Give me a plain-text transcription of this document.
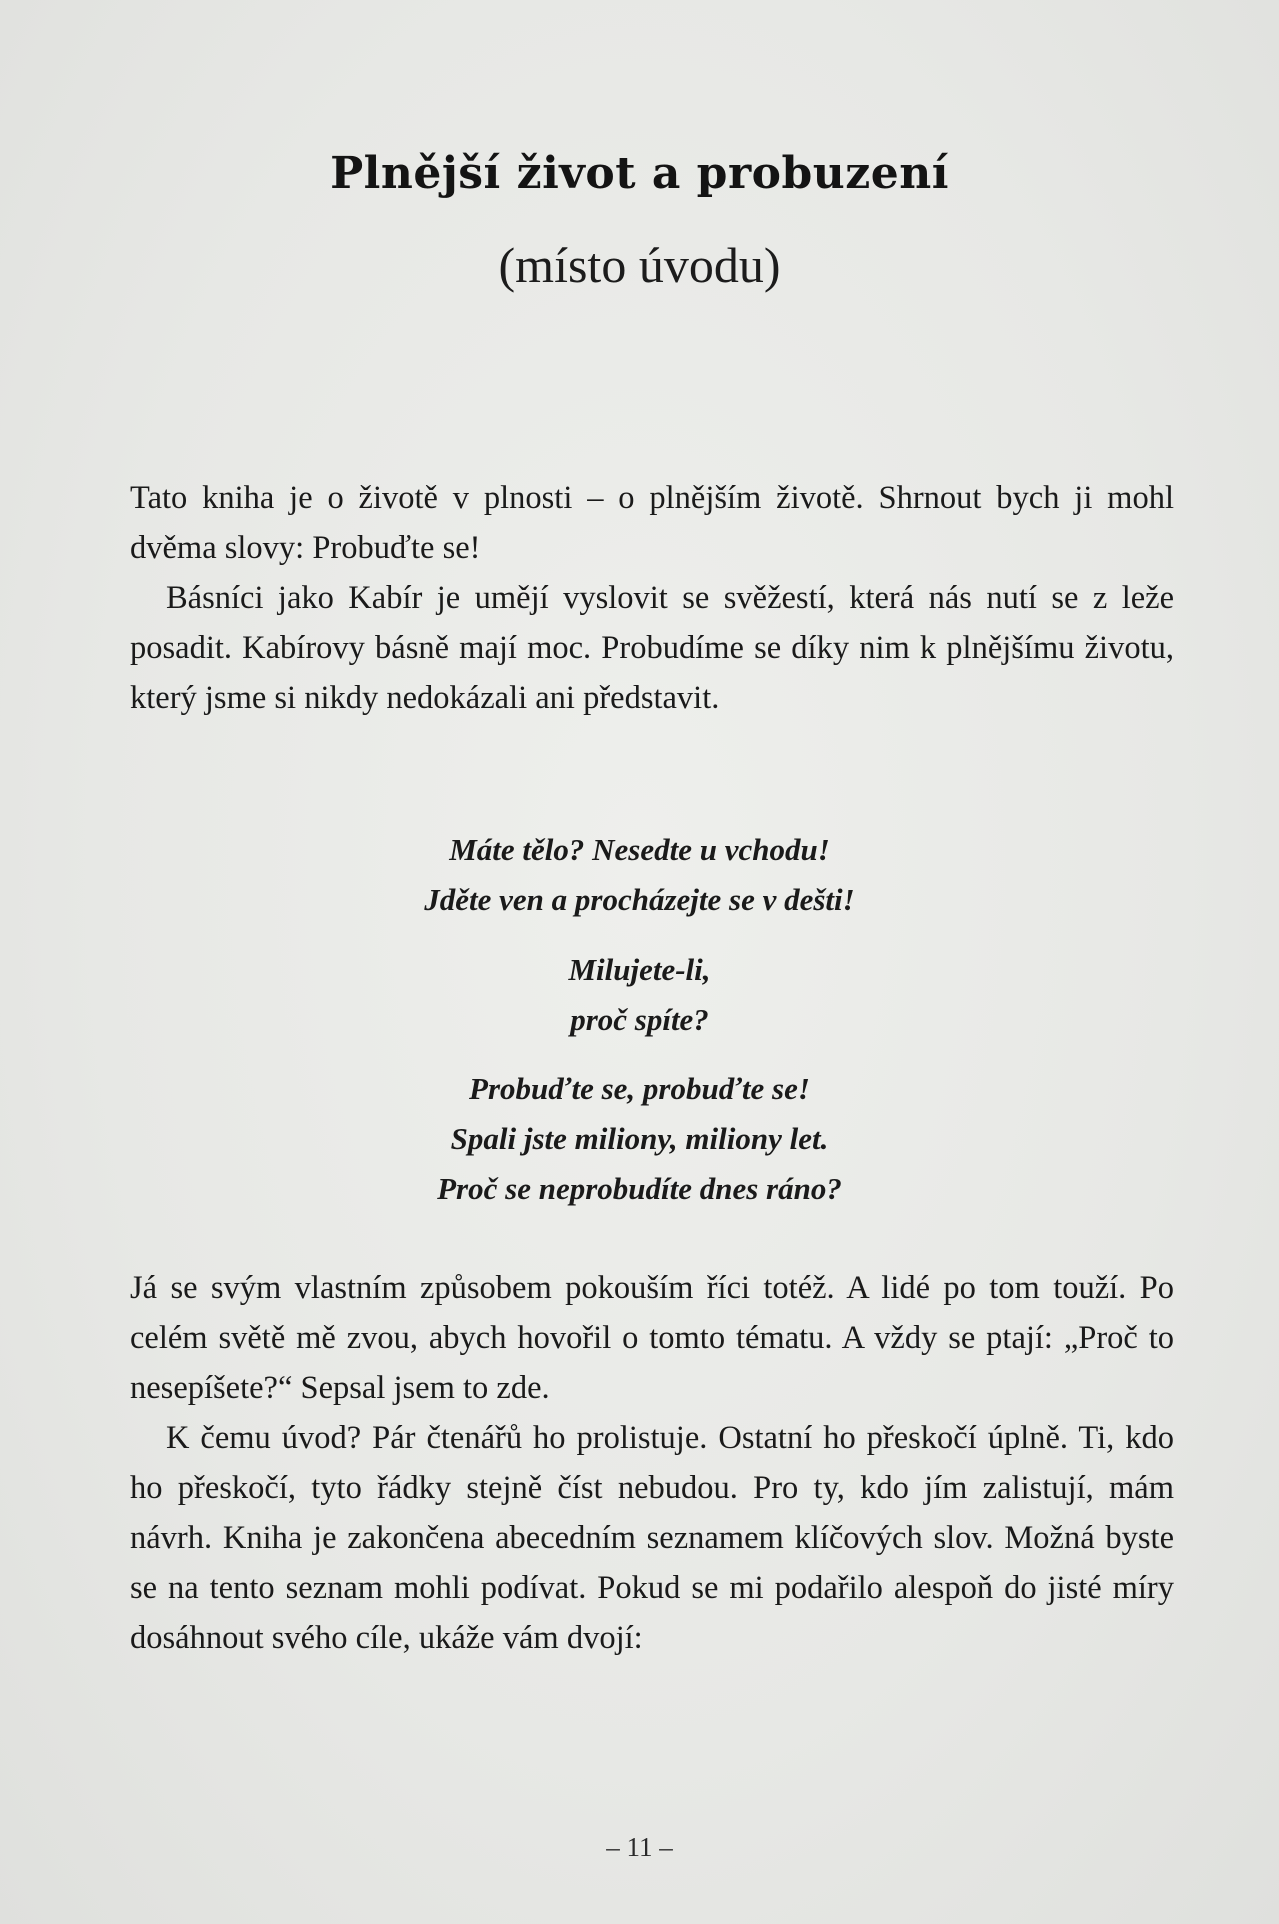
Plnější život a probuzení
(místo úvodu)

Tato kniha je o životě v plnosti – o plnějším životě. Shrnout bych ji mohl dvěma slovy: Probuďte se!

Básníci jako Kabír je umějí vyslovit se svěžestí, která nás nutí se z leže posadit. Kabírovy básně mají moc. Probudíme se díky nim k plnějšímu životu, který jsme si nikdy nedokázali ani představit.

Máte tělo? Nesedte u vchodu!
Jděte ven a procházejte se v dešti!
Milujete-li,
proč spíte?
Probuďte se, probuďte se!
Spali jste miliony, miliony let.
Proč se neprobudíte dnes ráno?

Já se svým vlastním způsobem pokouším říci totéž. A lidé po tom touží. Po celém světě mě zvou, abych hovořil o tomto tématu. A vždy se ptají: „Proč to nesepíšete?“ Sepsal jsem to zde.

K čemu úvod? Pár čtenářů ho prolistuje. Ostatní ho přeskočí úplně. Ti, kdo ho přeskočí, tyto řádky stejně číst nebudou. Pro ty, kdo jím zalistují, mám návrh. Kniha je zakončena abecedním seznamem klíčových slov. Možná byste se na tento seznam mohli podívat. Pokud se mi podařilo alespoň do jisté míry dosáhnout svého cíle, ukáže vám dvojí:

– 11 –
